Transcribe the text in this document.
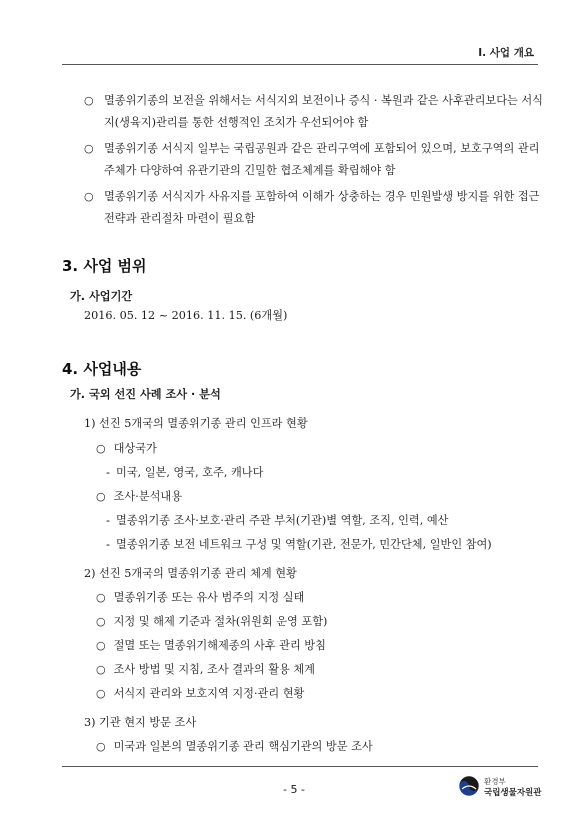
Ⅰ. 사업 개요
○ 멸종위기종의 보전을 위해서는 서식지외 보전이나 증식 · 복원과 같은 사후관리보다는 서식
지(생육지)관리를 통한 선행적인 조치가 우선되어야 함
○ 멸종위기종 서식지 일부는 국립공원과 같은 관리구역에 포함되어 있으며, 보호구역의 관리
주체가 다양하여 유관기관의 긴밀한 협조체계를 확립해야 함
○ 멸종위기종 서식지가 사유지를 포함하여 이해가 상충하는 경우 민원발생 방지를 위한 접근
전략과 관리절차 마련이 필요함
3. 사업 범위
가. 사업기간
2016. 05. 12 ~ 2016. 11. 15. (6개월)
4. 사업내용
가. 국외 선진 사례 조사 · 분석
1) 선진 5개국의 멸종위기종 관리 인프라 현황
○ 대상국가
- 미국, 일본, 영국, 호주, 캐나다
○ 조사·분석내용
- 멸종위기종 조사·보호·관리 주관 부처(기관)별 역할, 조직, 인력, 예산
- 멸종위기종 보전 네트워크 구성 및 역할(기관, 전문가, 민간단체, 일반인 참여)
2) 선진 5개국의 멸종위기종 관리 체계 현황
○ 멸종위기종 또는 유사 범주의 지정 실태
○ 지정 및 해제 기준과 절차(위원회 운영 포함)
○ 절멸 또는 멸종위기해제종의 사후 관리 방침
○ 조사 방법 및 지침, 조사 결과의 활용 체계
○ 서식지 관리와 보호지역 지정·관리 현황
3) 기관 현지 방문 조사
○ 미국과 일본의 멸종위기종 관리 핵심기관의 방문 조사
- 5 -
환경부
국립생물자원관
